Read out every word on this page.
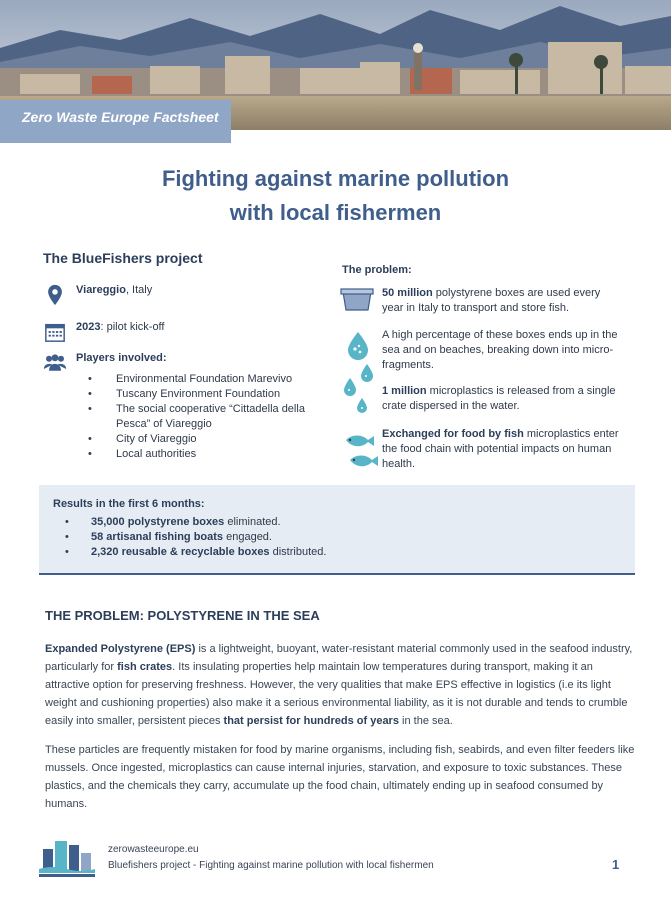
Zero Waste Europe Factsheet
Fighting against marine pollution
with local fishermen
The BlueFishers project
Viareggio, Italy
2023: pilot kick-off
Players involved:
• Environmental Foundation Marevivo
• Tuscany Environment Foundation
• The social cooperative “Cittadella della Pesca” of Viareggio
• City of Viareggio
• Local authorities
The problem:
50 million polystyrene boxes are used every year in Italy to transport and store fish.
A high percentage of these boxes ends up in the sea and on beaches, breaking down into micro-fragments.
1 million microplastics is released from a single crate dispersed in the water.
Exchanged for food by fish microplastics enter the food chain with potential impacts on human health.
Results in the first 6 months:
• 35,000 polystyrene boxes eliminated.
• 58 artisanal fishing boats engaged.
• 2,320 reusable & recyclable boxes distributed.
THE PROBLEM: POLYSTYRENE IN THE SEA

Expanded Polystyrene (EPS) is a lightweight, buoyant, water-resistant material commonly used in the seafood industry, particularly for fish crates. Its insulating properties help maintain low temperatures during transport, making it an attractive option for preserving freshness. However, the very qualities that make EPS effective in logistics (i.e its light weight and cushioning properties) also make it a serious environmental liability, as it is not durable and tends to crumble easily into smaller, persistent pieces that persist for hundreds of years in the sea.

These particles are frequently mistaken for food by marine organisms, including fish, seabirds, and even filter feeders like mussels. Once ingested, microplastics can cause internal injuries, starvation, and exposure to toxic substances. These plastics, and the chemicals they carry, accumulate up the food chain, ultimately ending up in seafood consumed by humans.

zerowasteeurope.eu
Bluefishers project - Fighting against marine pollution with local fishermen	1
